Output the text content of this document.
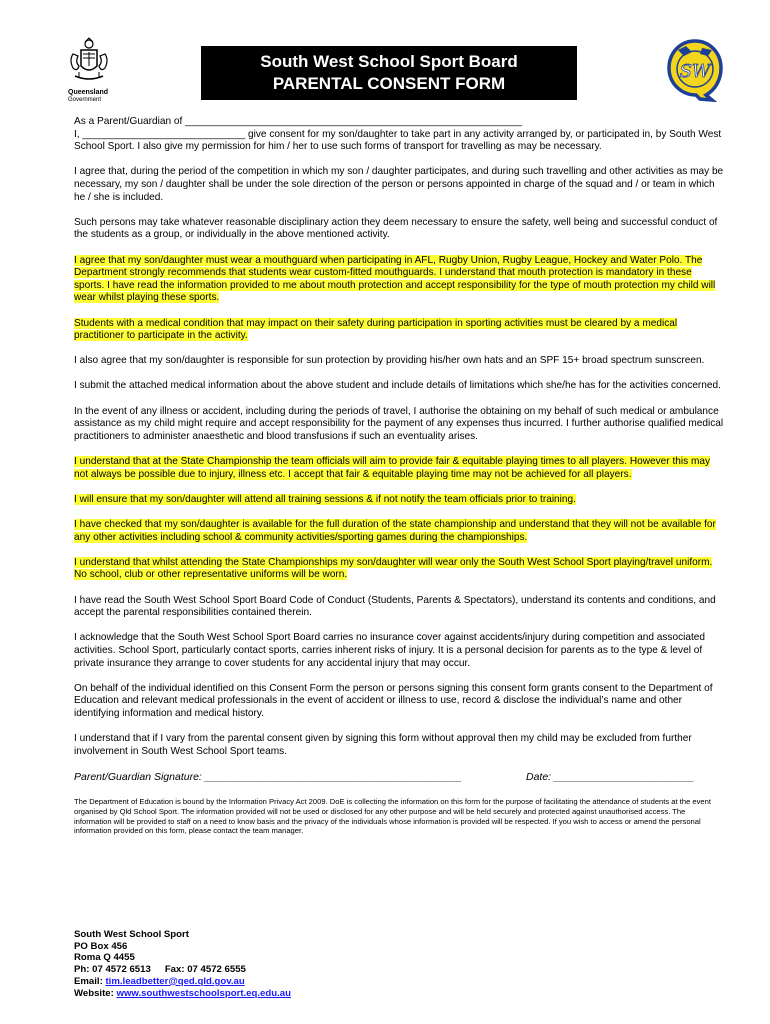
Queensland
Government
South West School Sport Board
PARENTAL CONSENT FORM
SW

As a Parent/Guardian of ____________________________________________________________

I, _____________________________ give consent for my son/daughter to take part in any activity arranged by, or participated in, by South West School Sport. I also give my permission for him / her to use such forms of transport for travelling as may be necessary.

I agree that, during the period of the competition in which my son / daughter participates, and during such travelling and other activities as may be necessary, my son / daughter shall be under the sole direction of the person or persons appointed in charge of the squad and / or team in which he / she is included.

Such persons may take whatever reasonable disciplinary action they deem necessary to ensure the safety, well being and successful conduct of the students as a group, or individually in the above mentioned activity.

I agree that my son/daughter must wear a mouthguard when participating in AFL, Rugby Union, Rugby League, Hockey and Water Polo. The Department strongly recommends that students wear custom-fitted mouthguards. I understand that mouth protection is mandatory in these sports. I have read the information provided to me about mouth protection and accept responsibility for the type of mouth protection my child will wear whilst playing these sports.

Students with a medical condition that may impact on their safety during participation in sporting activities must be cleared by a medical practitioner to participate in the activity.

I also agree that my son/daughter is responsible for sun protection by providing his/her own hats and an SPF 15+ broad spectrum sunscreen.

I submit the attached medical information about the above student and include details of limitations which she/he has for the activities concerned.

In the event of any illness or accident, including during the periods of travel, I authorise the obtaining on my behalf of such medical or ambulance assistance as my child might require and accept responsibility for the payment of any expenses thus incurred. I further authorise qualified medical practitioners to administer anaesthetic and blood transfusions if such an eventuality arises.

I understand that at the State Championship the team officials will aim to provide fair & equitable playing times to all players. However this may not always be possible due to injury, illness etc. I accept that fair & equitable playing time may not be achieved for all players.

I will ensure that my son/daughter will attend all training sessions & if not notify the team officials prior to training.

I have checked that my son/daughter is available for the full duration of the state championship and understand that they will not be available for any other activities including school & community activities/sporting games during the championships.

I understand that whilst attending the State Championships my son/daughter will wear only the South West School Sport playing/travel uniform. No school, club or other representative uniforms will be worn.

I have read the South West School Sport Board Code of Conduct (Students, Parents & Spectators), understand its contents and conditions, and accept the parental responsibilities contained therein.

I acknowledge that the South West School Sport Board carries no insurance cover against accidents/injury during competition and associated activities. School Sport, particularly contact sports, carries inherent risks of injury. It is a personal decision for parents as to the type & level of private insurance they arrange to cover students for any accidental injury that may occur.

On behalf of the individual identified on this Consent Form the person or persons signing this consent form grants consent to the Department of Education and relevant medical professionals in the event of accident or illness to use, record & disclose the individual’s name and other identifying information and medical history.

I understand that if I vary from the parental consent given by signing this form without approval then my child may be excluded from further involvement in South West School Sport teams.

Parent/Guardian Signature: ____________________________________________	Date: ________________________

The Department of Education is bound by the Information Privacy Act 2009. DoE is collecting the information on this form for the purpose of facilitating the attendance of students at the event organised by Qld School Sport. The information provided will not be used or disclosed for any other purpose and will be held securely and protected against unauthorised access. The information will be provided to staff on a need to know basis and the privacy of the individuals whose information is provided will be respected. If you wish to access or amend the personal information provided on this form, please contact the team manager.

South West School Sport
PO Box 456
Roma Q 4455
Ph: 07 4572 6513 Fax: 07 4572 6555
Email: tim.leadbetter@qed.qld.gov.au
Website: www.southwestschoolsport.eq.edu.au
